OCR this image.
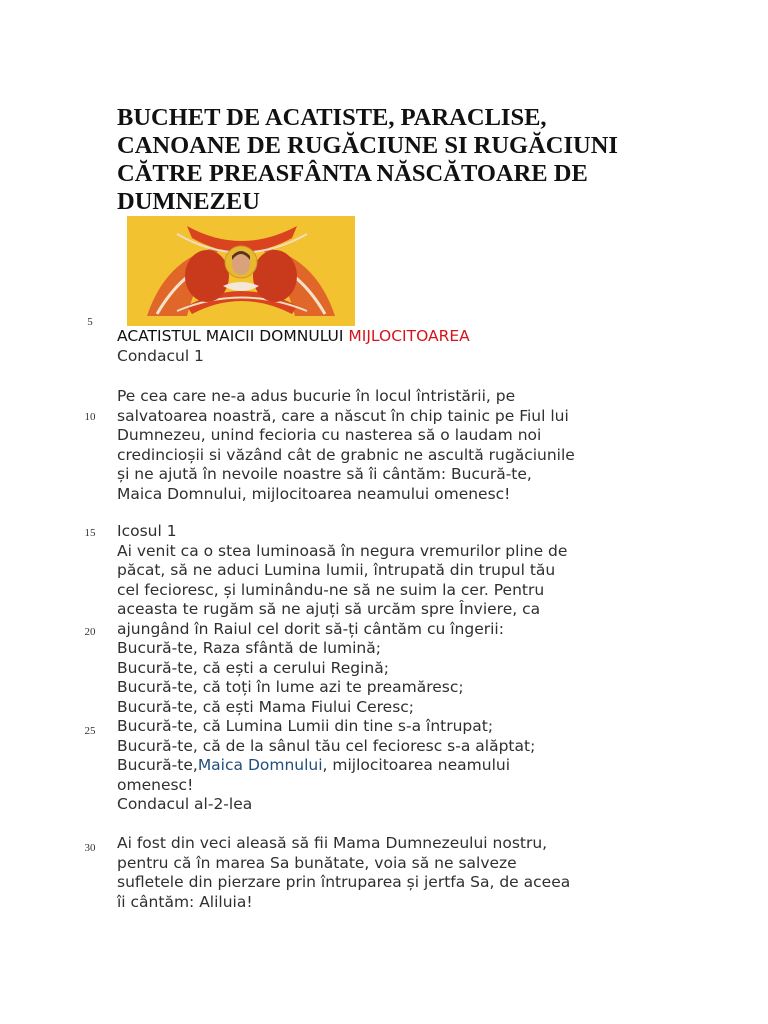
BUCHET DE ACATISTE, PARACLISE,
CANOANE DE RUGĂCIUNE SI RUGĂCIUNI
CĂTRE PREASFÂNTA NĂSCĂTOARE DE
DUMNEZEU
5
10
15
20
25
30
ACATISTUL MAICII DOMNULUI MIJLOCITOAREA
Condacul 1
Pe cea care ne-a adus bucurie în locul întristării, pe
salvatoarea noastră, care a născut în chip tainic pe Fiul lui
Dumnezeu, unind fecioria cu nasterea să o laudam noi
credincioșii si văzând cât de grabnic ne ascultă rugăciunile
și ne ajută în nevoile noastre să îi cântăm: Bucură-te,
Maica Domnului, mijlocitoarea neamului omenesc!
Icosul 1
Ai venit ca o stea luminoasă în negura vremurilor pline de
păcat, să ne aduci Lumina lumii, întrupată din trupul tău
cel fecioresc, și luminându-ne să ne suim la cer. Pentru
aceasta te rugăm să ne ajuți să urcăm spre Înviere, ca
ajungând în Raiul cel dorit să-ți cântăm cu îngerii:
Bucură-te, Raza sfântă de lumină;
Bucură-te, că ești a cerului Regină;
Bucură-te, că toți în lume azi te preamăresc;
Bucură-te, că ești Mama Fiului Ceresc;
Bucură-te, că Lumina Lumii din tine s-a întrupat;
Bucură-te, că de la sânul tău cel fecioresc s-a alăptat;
Bucură-te,Maica Domnului, mijlocitoarea neamului
omenesc!
Condacul al-2-lea
Ai fost din veci aleasă să fii Mama Dumnezeului nostru,
pentru că în marea Sa bunătate, voia să ne salveze
sufletele din pierzare prin întruparea și jertfa Sa, de aceea
îi cântăm: Aliluia!
